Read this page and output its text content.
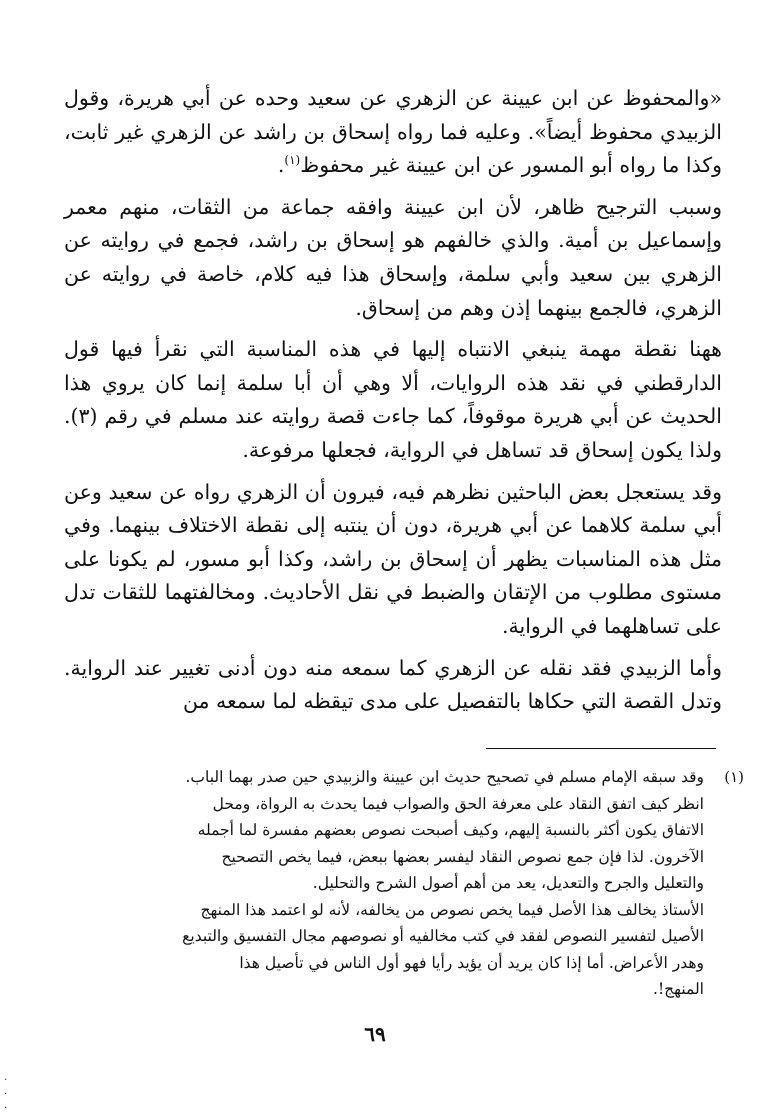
«والمحفوظ عن ابن عيينة عن الزهري عن سعيد وحده عن أبي هريرة، وقول الزبيدي محفوظ أيضاً». وعليه فما رواه إسحاق بن راشد عن الزهري غير ثابت، وكذا ما رواه أبو المسور عن ابن عيينة غير محفوظ$^{(١)}$.

وسبب الترجيح ظاهر، لأن ابن عيينة وافقه جماعة من الثقات، منهم معمر وإسماعيل بن أمية. والذي خالفهم هو إسحاق بن راشد، فجمع في روايته عن الزهري بين سعيد وأبي سلمة، وإسحاق هذا فيه كلام، خاصة في روايته عن الزهري، فالجمع بينهما إذن وهم من إسحاق.

ههنا نقطة مهمة ينبغي الانتباه إليها في هذه المناسبة التي نقرأ فيها قول الدارقطني في نقد هذه الروايات، ألا وهي أن أبا سلمة إنما كان يروي هذا الحديث عن أبي هريرة موقوفاً، كما جاءت قصة روايته عند مسلم في رقم (٣). ولذا يكون إسحاق قد تساهل في الرواية، فجعلها مرفوعة.

وقد يستعجل بعض الباحثين نظرهم فيه، فيرون أن الزهري رواه عن سعيد وعن أبي سلمة كلاهما عن أبي هريرة، دون أن ينتبه إلى نقطة الاختلاف بينهما. وفي مثل هذه المناسبات يظهر أن إسحاق بن راشد، وكذا أبو مسور، لم يكونا على مستوى مطلوب من الإتقان والضبط في نقل الأحاديث. ومخالفتهما للثقات تدل على تساهلهما في الرواية.

وأما الزبيدي فقد نقله عن الزهري كما سمعه منه دون أدنى تغيير عند الرواية. وتدل القصة التي حكاها بالتفصيل على مدى تيقظه لما سمعه من

(١)
وقد سبقه الإمام مسلم في تصحيح حديث ابن عيينة والزبيدي حين صدر بهما الباب.
انظر كيف اتفق النقاد على معرفة الحق والصواب فيما يحدث به الرواة، ومحل
الاتفاق يكون أكثر بالنسبة إليهم، وكيف أصبحت نصوص بعضهم مفسرة لما أجمله
الآخرون. لذا فإن جمع نصوص النقاد ليفسر بعضها ببعض، فيما يخص التصحيح
والتعليل والجرح والتعديل، يعد من أهم أصول الشرح والتحليل.
الأستاذ يخالف هذا الأصل فيما يخص نصوص من يخالفه، لأنه لو اعتمد هذا المنهج
الأصيل لتفسير النصوص لفقد في كتب مخالفيه أو نصوصهم مجال التفسيق والتبديع
وهدر الأعراض. أما إذا كان يريد أن يؤيد رأيا فهو أول الناس في تأصيل هذا
المنهج!.
٦٩
·
·
·
